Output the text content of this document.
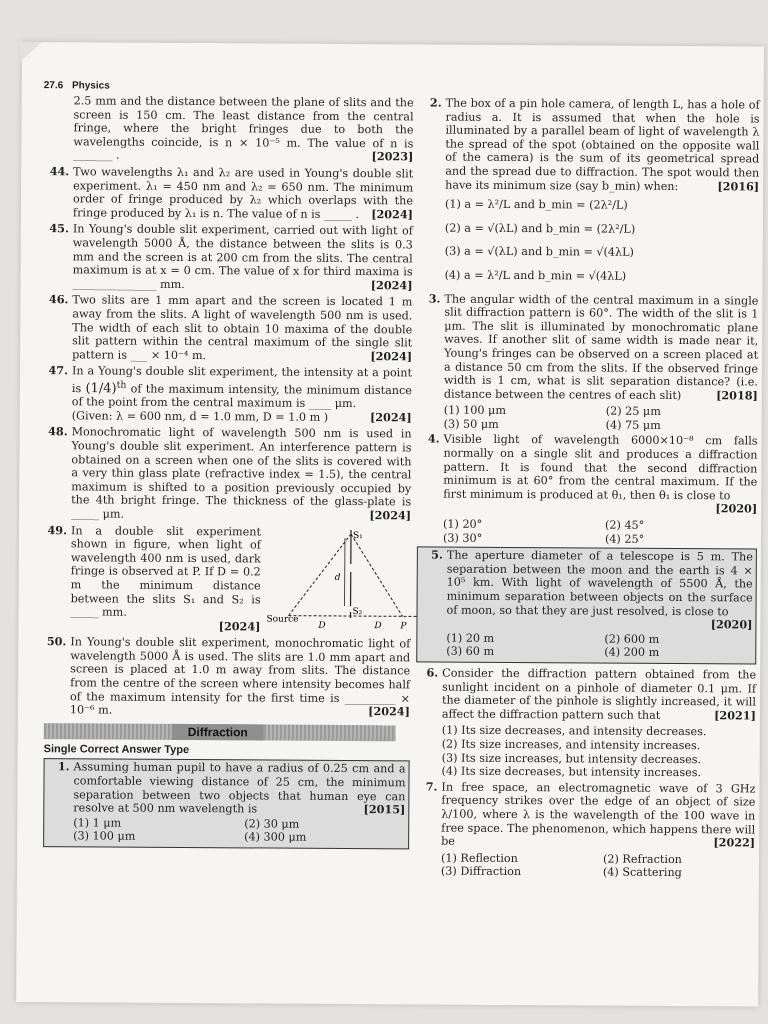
27.6 Physics

2.5 mm and the distance between the plane of slits and the screen is 150 cm. The least distance from the central fringe, where the bright fringes due to both the wavelengths coincide, is n × 10⁻⁵ m. The value of n is _______ .	[2023]

44. Two wavelengths λ₁ and λ₂ are used in Young's double slit experiment. λ₁ = 450 nm and λ₂ = 650 nm. The minimum order of fringe produced by λ₂ which overlaps with the fringe produced by λ₁ is n. The value of n is _____ . [2024]
45. In Young's double slit experiment, carried out with light of wavelength 5000 Å, the distance between the slits is 0.3 mm and the screen is at 200 cm from the slits. The central maximum is at x = 0 cm. The value of x for third maxima is _______________ mm.	[2024]
46. Two slits are 1 mm apart and the screen is located 1 m away from the slits. A light of wavelength 500 nm is used. The width of each slit to obtain 10 maxima of the double slit pattern within the central maximum of the single slit pattern is ___ × 10⁻⁴ m.	[2024]
47. In a Young's double slit experiment, the intensity at a point is $(1/4)^{th}$ of the maximum intensity, the minimum distance of the point from the central maximum is ____ μm.
(Given: λ = 600 nm, d = 1.0 mm, D = 1.0 m )	[2024]
48. Monochromatic light of wavelength 500 nm is used in Young's double slit experiment. An interference pattern is obtained on a screen when one of the slits is covered with a very thin glass plate (refractive index = 1.5), the central maximum is shifted to a position previously occupied by the 4th bright fringe. The thickness of the glass-plate is _____ μm.	[2024]
49. In a double slit experiment shown in figure, when light of wavelength 400 nm is used, dark fringe is observed at P. If D = 0.2 m the minimum distance between the slits S₁ and S₂ is _____ mm.

[2024]
S₁
S₂
d
Source
D	D P
50. In Young's double slit experiment, monochromatic light of wavelength 5000 Å is used. The slits are 1.0 mm apart and screen is placed at 1.0 m away from slits. The distance from the centre of the screen where intensity becomes half of the maximum intensity for the first time is _________ × 10⁻⁶ m.	[2024]
Diffraction
Single Correct Answer Type
1. Assuming human pupil to have a radius of 0.25 cm and a comfortable viewing distance of 25 cm, the minimum separation between two objects that human eye can resolve at 500 nm wavelength is	[2015]
(1) 1 μm	(2) 30 μm
(3) 100 μm	(4) 300 μm
2. The box of a pin hole camera, of length L, has a hole of radius a. It is assumed that when the hole is illuminated by a parallel beam of light of wavelength λ the spread of the spot (obtained on the opposite wall of the camera) is the sum of its geometrical spread and the spread due to diffraction. The spot would then have its minimum size (say b_min) when:	[2016]
(1) a = λ²/L and b_min = (2λ²/L)
(2) a = √(λL) and b_min = (2λ²/L)
(3) a = √(λL) and b_min = √(4λL)
(4) a = λ²/L and b_min = √(4λL)
3. The angular width of the central maximum in a single slit diffraction pattern is 60°. The width of the slit is 1 μm. The slit is illuminated by monochromatic plane waves. If another slit of same width is made near it, Young's fringes can be observed on a screen placed at a distance 50 cm from the slits. If the observed fringe width is 1 cm, what is slit separation distance? (i.e. distance between the centres of each slit)	[2018]
(1) 100 μm	(2) 25 μm
(3) 50 μm	(4) 75 μm
4. Visible light of wavelength 6000×10⁻⁸ cm falls normally on a single slit and produces a diffraction pattern. It is found that the second diffraction minimum is at 60° from the central maximum. If the first minimum is produced at θ₁, then θ₁ is close to
[2020]
(1) 20°	(2) 45°
(3) 30°	(4) 25°
5. The aperture diameter of a telescope is 5 m. The separation between the moon and the earth is 4 × 10⁵ km. With light of wavelength of 5500 Å, the minimum separation between objects on the surface of moon, so that they are just resolved, is close to
[2020]
(1) 20 m	(2) 600 m
(3) 60 m	(4) 200 m
6. Consider the diffraction pattern obtained from the sunlight incident on a pinhole of diameter 0.1 μm. If the diameter of the pinhole is slightly increased, it will affect the diffraction pattern such that	[2021]
(1) Its size decreases, and intensity decreases.
(2) Its size increases, and intensity increases.
(3) Its size increases, but intensity decreases.
(4) Its size decreases, but intensity increases.
7. In free space, an electromagnetic wave of 3 GHz frequency strikes over the edge of an object of size λ/100, where λ is the wavelength of the 100 wave in free space. The phenomenon, which happens there will be	[2022]
(1) Reflection	(2) Refraction
(3) Diffraction	(4) Scattering
